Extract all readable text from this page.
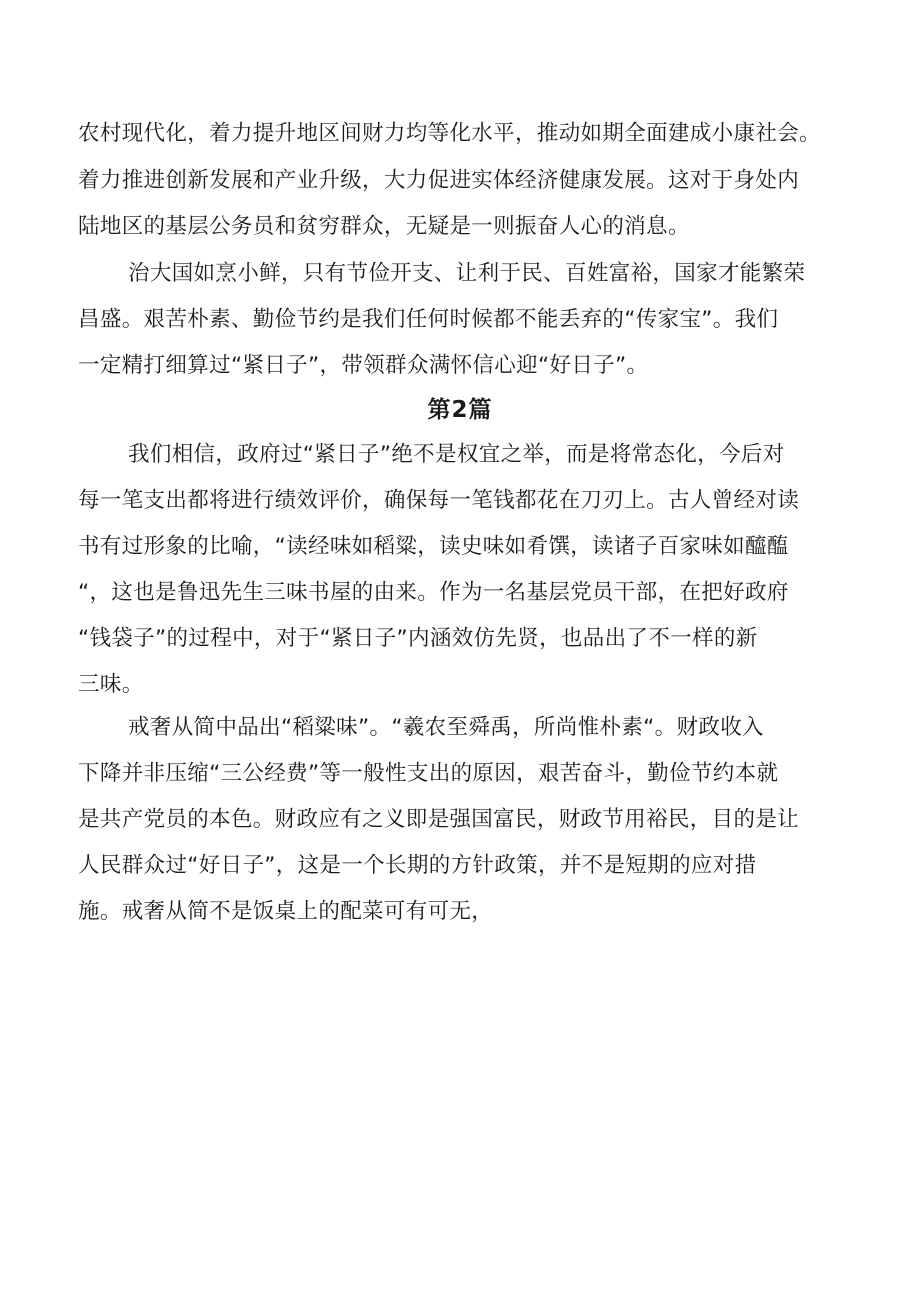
农村现代化，着力提升地区间财力均等化水平，推动如期全面建成小康社会。
着力推进创新发展和产业升级，大力促进实体经济健康发展。这对于身处内
陆地区的基层公务员和贫穷群众，无疑是一则振奋人心的消息。
治大国如烹小鲜，只有节俭开支、让利于民、百姓富裕，国家才能繁荣
昌盛。艰苦朴素、勤俭节约是我们任何时候都不能丢弃的“传家宝”。我们
一定精打细算过“紧日子”，带领群众满怀信心迎“好日子”。
第2篇
我们相信，政府过“紧日子”绝不是权宜之举，而是将常态化，今后对
每一笔支出都将进行绩效评价，确保每一笔钱都花在刀刃上。古人曾经对读
书有过形象的比喻，“读经味如稻粱，读史味如肴馔，读诸子百家味如醯醢
“，这也是鲁迅先生三味书屋的由来。作为一名基层党员干部，在把好政府
“钱袋子”的过程中，对于“紧日子”内涵效仿先贤，也品出了不一样的新
三味。
戒奢从简中品出“稻粱味”。“羲农至舜禹，所尚惟朴素“。财政收入
下降并非压缩“三公经费”等一般性支出的原因，艰苦奋斗，勤俭节约本就
是共产党员的本色。财政应有之义即是强国富民，财政节用裕民，目的是让
人民群众过“好日子”，这是一个长期的方针政策，并不是短期的应对措
施。戒奢从简不是饭桌上的配菜可有可无，
